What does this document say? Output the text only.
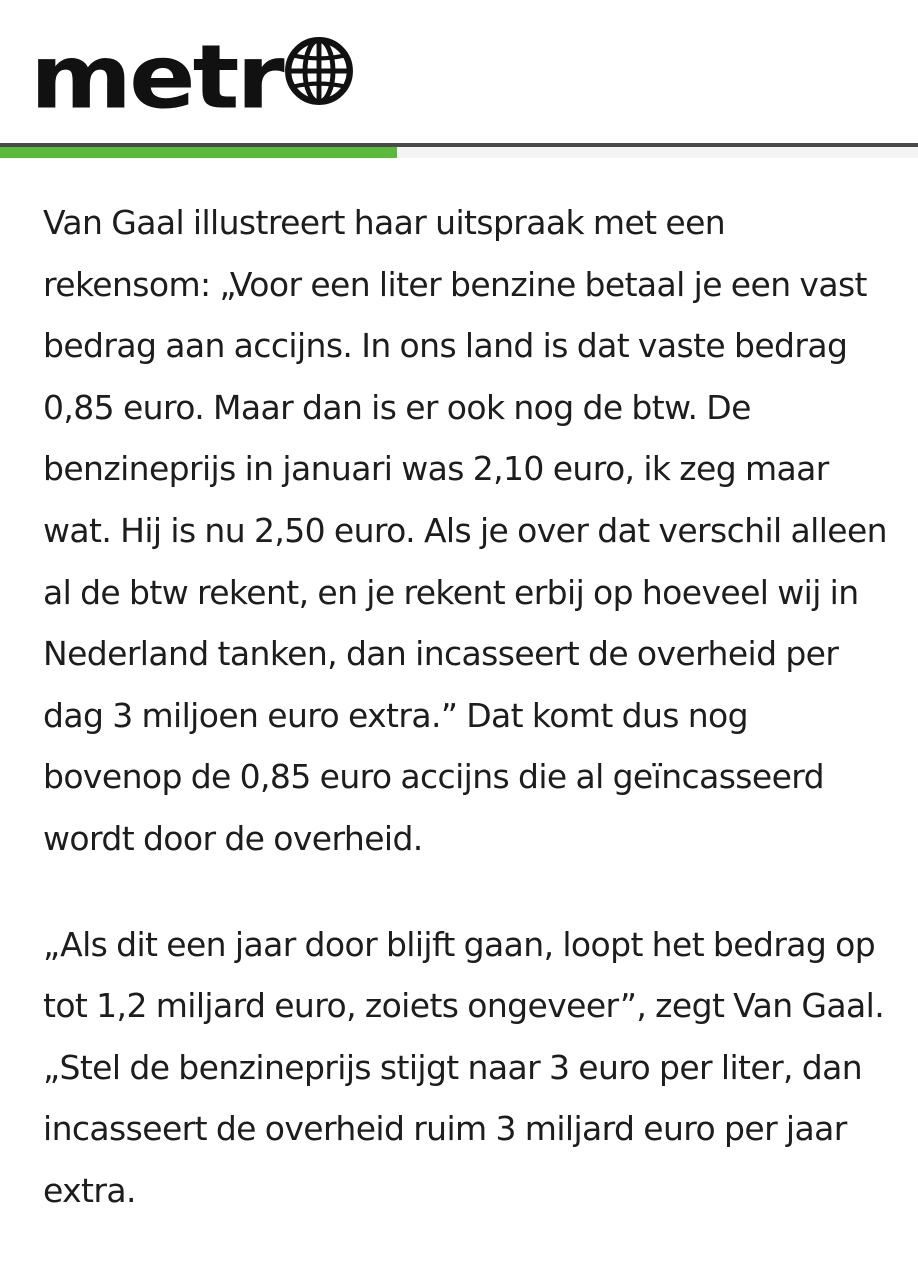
metr

Van Gaal illustreert haar uitspraak met een rekensom: „Voor een liter benzine betaal je een vast bedrag aan accijns. In ons land is dat vaste bedrag 0,85 euro. Maar dan is er ook nog de btw. De benzineprijs in januari was 2,10 euro, ik zeg maar wat. Hij is nu 2,50 euro. Als je over dat verschil alleen al de btw rekent, en je rekent erbij op hoeveel wij in Nederland tanken, dan incasseert de overheid per dag 3 miljoen euro extra.” Dat komt dus nog bovenop de 0,85 euro accijns die al geïncasseerd wordt door de overheid.

„Als dit een jaar door blijft gaan, loopt het bedrag op tot 1,2 miljard euro, zoiets ongeveer”, zegt Van Gaal. „Stel de benzineprijs stijgt naar 3 euro per liter, dan incasseert de overheid ruim 3 miljard euro per jaar extra.
